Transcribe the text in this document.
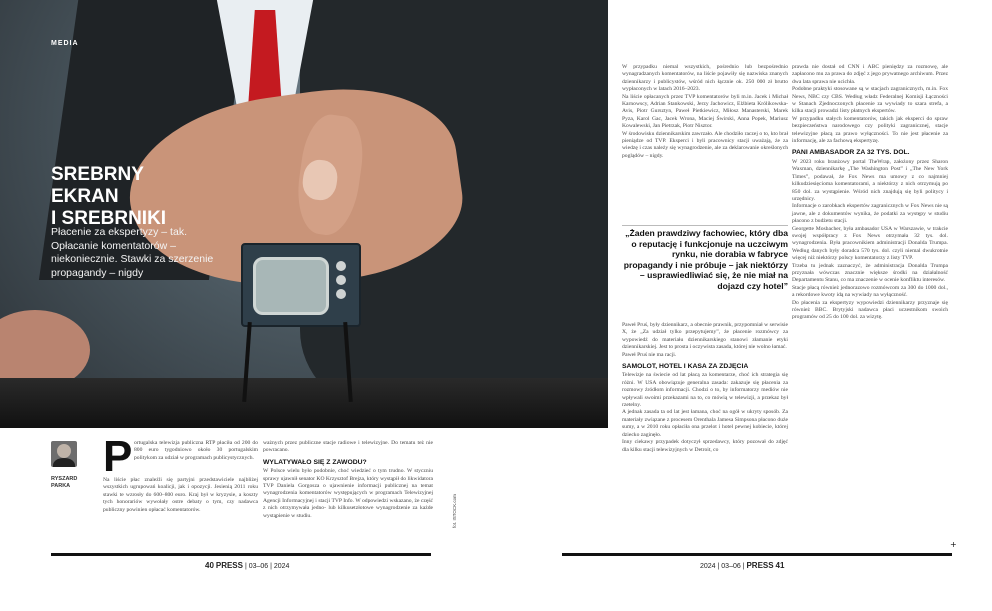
MEDIA
SREBRNY
EKRAN
I SREBRNIKI

Płacenie za ekspertyzy – tak. Opłacanie komentatorów – niekoniecznie. Stawki za szerzenie propagandy – nigdy

RYSZARD
PARKA
P ortugalska telewizja publiczna RTP płaciła od 200 do 800 euro tygodniowo około 30 portugalskim politykom za udział w programach publicystycznych.
Na liście płac znaleźli się partyjni przedstawiciele najbliżej wszystkich ugrupowań koalicji, jak i opozycji. Jesienią 2011 roku stawki te wzrosły do 600–800 euro. Kraj był w kryzysie, a koszty tych honorariów wywołały ostre debaty o tym, czy nadawca publiczny powinien opłacać komentatorów.
ważnych przez publiczne stacje radiowe i telewizyjne. Do tematu też nie powracano.
WYLATYWAŁO SIĘ Z ZAWODU?
W Polsce wielu było podobnie, choć wiedzieć o tym trudno. W styczniu sprawy ujawnił senator KO Krzysztof Brejza, który wystąpił do likwidatora TVP Daniela Gorgosza o ujawnienie informacji publicznej na temat wynagrodzenia komentatorów występujących w programach Telewizyjnej Agencji Informacyjnej i stacji TVP Info. W odpowiedzi wskazano, że część z nich otrzymywała jedno- lub kilkusetzłotowe wynagrodzenie za każde wystąpienie w studiu.	fot. ISTOCK.com
40 PRESS | 03–06 | 2024
W przypadku niemal wszystkich, pośrednio lub bezpośrednio wynagradzanych komentatorów, na liście pojawiły się nazwiska znanych dziennikarzy i publicystów, wśród nich łącznie ok. 250 000 zł brutto wypłaconych w latach 2016–2023.
Na liście opłacanych przez TVP komentatorów byli m.in. Jacek i Michał Karnowscy, Adrian Stankowski, Jerzy Jachowicz, Elżbieta Królikowska-Avis, Piotr Gursztyn, Paweł Pietkiewicz, Miłosz Manasterski, Marek Pyza, Karol Gac, Jacek Wrona, Maciej Świrski, Anna Popek, Mariusz Kowalewski, Jan Pietrzak, Piotr Nisztor.
W środowisku dziennikarskim zawrzało. Ale chodziło raczej o to, kto brał pieniądze od TVP. Eksperci i byli pracownicy stacji uważają, że za wiedzę i czas należy się wynagrodzenie, ale za deklarowanie określonych poglądów – nigdy.
„Żaden prawdziwy fachowiec, który dba o reputację i funkcjonuje na uczciwym rynku, nie dorabia w fabryce propagandy i nie próbuje – jak niektórzy – usprawiedliwiać się, że nie miał na dojazd czy hotel”
Paweł Pruś, były dziennikarz, a obecnie prawnik, przypomniał w serwisie X, że „Za udział tylko przepytujemy”, że płacenie rozmówcy za wypowiedź do materiału dziennikarskiego stanowi złamanie etyki dziennikarskiej. Jest to prosta i oczywista zasada, której nie wolno łamać.
Paweł Pruś nie ma racji.
SAMOLOT, HOTEL I KASA ZA ZDJĘCIA
Telewizje na świecie od lat płacą za komentarze, choć ich strategia się różni. W USA obowiązuje generalna zasada: zakazuje się płacenia za rozmowy źródłom informacji. Chodzi o to, by informatorzy mediów nie wpływali swoimi przekazami na to, co mówią w telewizji, a przekaz był rzetelny.
A jednak zasada ta od lat jest łamana, choć na ogół w ukryty sposób. Za materiały związane z procesem Orenthala Jamesa Simpsona płacono duże sumy, a w 2010 roku opłaciła ona przelot i hotel pewnej kobiecie, której dziecko zaginęło.
Inny ciekawy przypadek dotyczył sprzedawcy, który pozował do zdjęć dla kilku stacji telewizyjnych w Detroit, co
prawda nie dostał od CNN i ABC pieniędzy za rozmowę, ale zapłacono mu za prawa do zdjęć z jego prywatnego archiwum. Przez dwa lata sprawa nie ucichła.
Podobne praktyki stosowane są w stacjach zagranicznych, m.in. Fox News, NBC czy CBS. Według władz Federalnej Komisji Łączności w Stanach Zjednoczonych płacenie za wywiady to szara strefa, a kilka stacji prowadzi listy płatnych ekspertów.
W przypadku stałych komentatorów, takich jak eksperci do spraw bezpieczeństwa narodowego czy polityki zagranicznej, stacje telewizyjne płacą za prawo wyłączności. To nie jest płacenie za informację, ale za fachową ekspertyzę.
PANI AMBASADOR ZA 32 TYS. DOL.
W 2023 roku branżowy portal TheWrap, założony przez Sharon Waxman, dziennikarkę „The Washington Post” i „The New York Times”, podawał, że Fox News ma umowy z co najmniej kilkudziesięcioma komentatorami, a niektórzy z nich otrzymują po 850 dol. za wystąpienie. Wśród nich znajdują się byli politycy i urzędnicy.
Informacje o zarobkach ekspertów zagranicznych w Fox News nie są jawne, ale z dokumentów wynika, że podatki za występy w studiu płacono z budżetu stacji.
Georgette Mosbacher, była ambasador USA w Warszawie, w trakcie swojej współpracy z Fox News otrzymała 32 tys. dol. wynagrodzenia. Była pracownikiem administracji Donalda Trumpa. Według danych były doradca 570 tys. dol. czyli niemal dwukrotnie więcej niż niektórzy polscy komentatorzy z listy TVP.
Trzeba tu jednak zaznaczyć, że administracja Donalda Trumpa przyznała wówczas znacznie większe środki na działalność Departamentu Stanu, co ma znaczenie w ocenie konfliktu interesów.
Stacje płacą również jednorazowo rozmówcom za 300 do 1000 dol., a rekordowe kwoty idą na wywiady na wyłączność.
Do płacenia za ekspertyzy wypowiedzi dziennikarzy przyznaje się również BBC. Brytyjski nadawca płaci uczestnikom swoich programów od 25 do 100 dol. za wizytę.
+
2024 | 03–06 | PRESS 41
